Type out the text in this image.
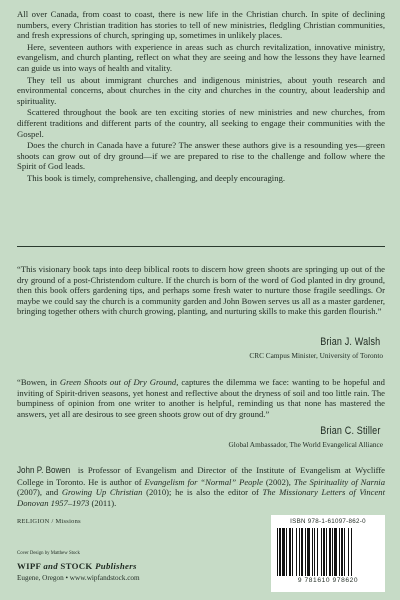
All over Canada, from coast to coast, there is new life in the Christian church. In spite of declining numbers, every Christian tradition has stories to tell of new ministries, fledgling Christian communities, and fresh expressions of church, springing up, sometimes in unlikely places.

Here, seventeen authors with experience in areas such as church revitalization, innovative ministry, evangelism, and church planting, reflect on what they are seeing and how the lessons they have learned can guide us into ways of health and vitality.

They tell us about immigrant churches and indigenous ministries, about youth research and environmental concerns, about churches in the city and churches in the country, about leadership and spirituality.

Scattered throughout the book are ten exciting stories of new ministries and new churches, from different traditions and different parts of the country, all seeking to engage their communities with the Gospel.

Does the church in Canada have a future? The answer these authors give is a resounding yes—green shoots can grow out of dry ground—if we are prepared to rise to the challenge and follow where the Spirit of God leads.

This book is timely, comprehensive, challenging, and deeply encouraging.

“This visionary book taps into deep biblical roots to discern how green shoots are springing up out of the dry ground of a post-Christendom culture. If the church is born of the word of God planted in dry ground, then this book offers gardening tips, and perhaps some fresh water to nurture those fragile seedlings. Or maybe we could say the church is a community garden and John Bowen serves us all as a master gardener, bringing together others with church growing, planting, and nurturing skills to make this garden flourish.”

Brian J. Walsh
CRC Campus Minister, University of Toronto

“Bowen, in Green Shoots out of Dry Ground, captures the dilemma we face: wanting to be hopeful and inviting of Spirit-driven seasons, yet honest and reflective about the dryness of soil and too little rain. The bumpiness of opinion from one writer to another is helpful, reminding us that none has mastered the answers, yet all are desirous to see green shoots grow out of dry ground.”

Brian C. Stiller
Global Ambassador, The World Evangelical Alliance
John P. Bowen is Professor of Evangelism and Director of the Institute of Evangelism at Wycliffe College in Toronto. He is author of Evangelism for “Normal” People (2002), The Spirituality of Narnia (2007), and Growing Up Christian (2010); he is also the editor of The Missionary Letters of Vincent Donovan 1957–1973 (2011).
RELIGION / Missions
Cover Design by Matthew Stock
WIPF and STOCK Publishers
Eugene, Oregon • www.wipfandstock.com
ISBN 978-1-61097-862-0
9 781610 978620
